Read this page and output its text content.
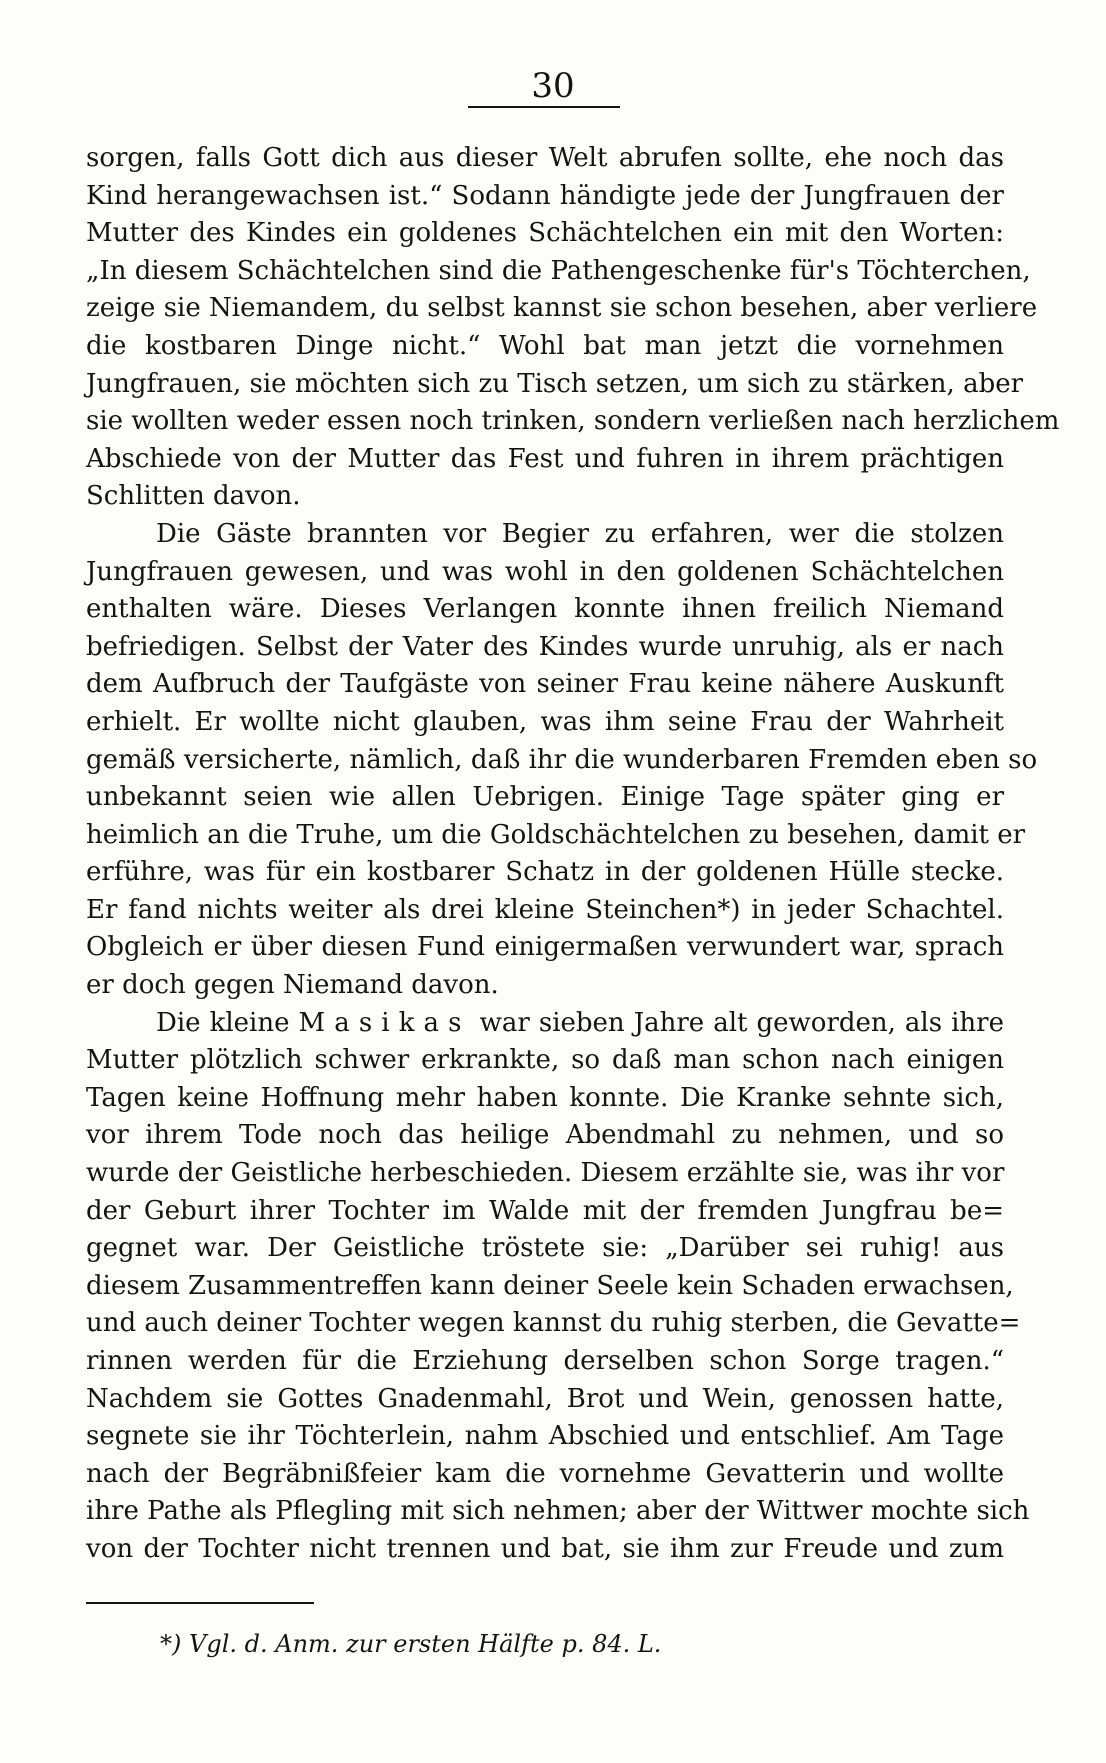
30
sorgen, falls Gott dich aus dieser Welt abrufen sollte, ehe noch das
Kind herangewachsen ist.“ Sodann händigte jede der Jungfrauen der
Mutter des Kindes ein goldenes Schächtelchen ein mit den Worten:
„In diesem Schächtelchen sind die Pathengeschenke für's Töchterchen,
zeige sie Niemandem, du selbst kannst sie schon besehen, aber verliere
die kostbaren Dinge nicht.“ Wohl bat man jetzt die vornehmen
Jungfrauen, sie möchten sich zu Tisch setzen, um sich zu stärken, aber
sie wollten weder essen noch trinken, sondern verließen nach herzlichem
Abschiede von der Mutter das Fest und fuhren in ihrem prächtigen
Schlitten davon.
Die Gäste brannten vor Begier zu erfahren, wer die stolzen
Jungfrauen gewesen, und was wohl in den goldenen Schächtelchen
enthalten wäre. Dieses Verlangen konnte ihnen freilich Niemand
befriedigen. Selbst der Vater des Kindes wurde unruhig, als er nach
dem Aufbruch der Taufgäste von seiner Frau keine nähere Auskunft
erhielt. Er wollte nicht glauben, was ihm seine Frau der Wahrheit
gemäß versicherte, nämlich, daß ihr die wunderbaren Fremden eben so
unbekannt seien wie allen Uebrigen. Einige Tage später ging er
heimlich an die Truhe, um die Goldschächtelchen zu besehen, damit er
erführe, was für ein kostbarer Schatz in der goldenen Hülle stecke.
Er fand nichts weiter als drei kleine Steinchen*) in jeder Schachtel.
Obgleich er über diesen Fund einigermaßen verwundert war, sprach
er doch gegen Niemand davon.
Die kleine Masikas war sieben Jahre alt geworden, als ihre
Mutter plötzlich schwer erkrankte, so daß man schon nach einigen
Tagen keine Hoffnung mehr haben konnte. Die Kranke sehnte sich,
vor ihrem Tode noch das heilige Abendmahl zu nehmen, und so
wurde der Geistliche herbeschieden. Diesem erzählte sie, was ihr vor
der Geburt ihrer Tochter im Walde mit der fremden Jungfrau be=
gegnet war. Der Geistliche tröstete sie: „Darüber sei ruhig! aus
diesem Zusammentreffen kann deiner Seele kein Schaden erwachsen,
und auch deiner Tochter wegen kannst du ruhig sterben, die Gevatte=
rinnen werden für die Erziehung derselben schon Sorge tragen.“
Nachdem sie Gottes Gnadenmahl, Brot und Wein, genossen hatte,
segnete sie ihr Töchterlein, nahm Abschied und entschlief. Am Tage
nach der Begräbnißfeier kam die vornehme Gevatterin und wollte
ihre Pathe als Pflegling mit sich nehmen; aber der Wittwer mochte sich
von der Tochter nicht trennen und bat, sie ihm zur Freude und zum
*) Vgl. d. Anm. zur ersten Hälfte p. 84. L.
